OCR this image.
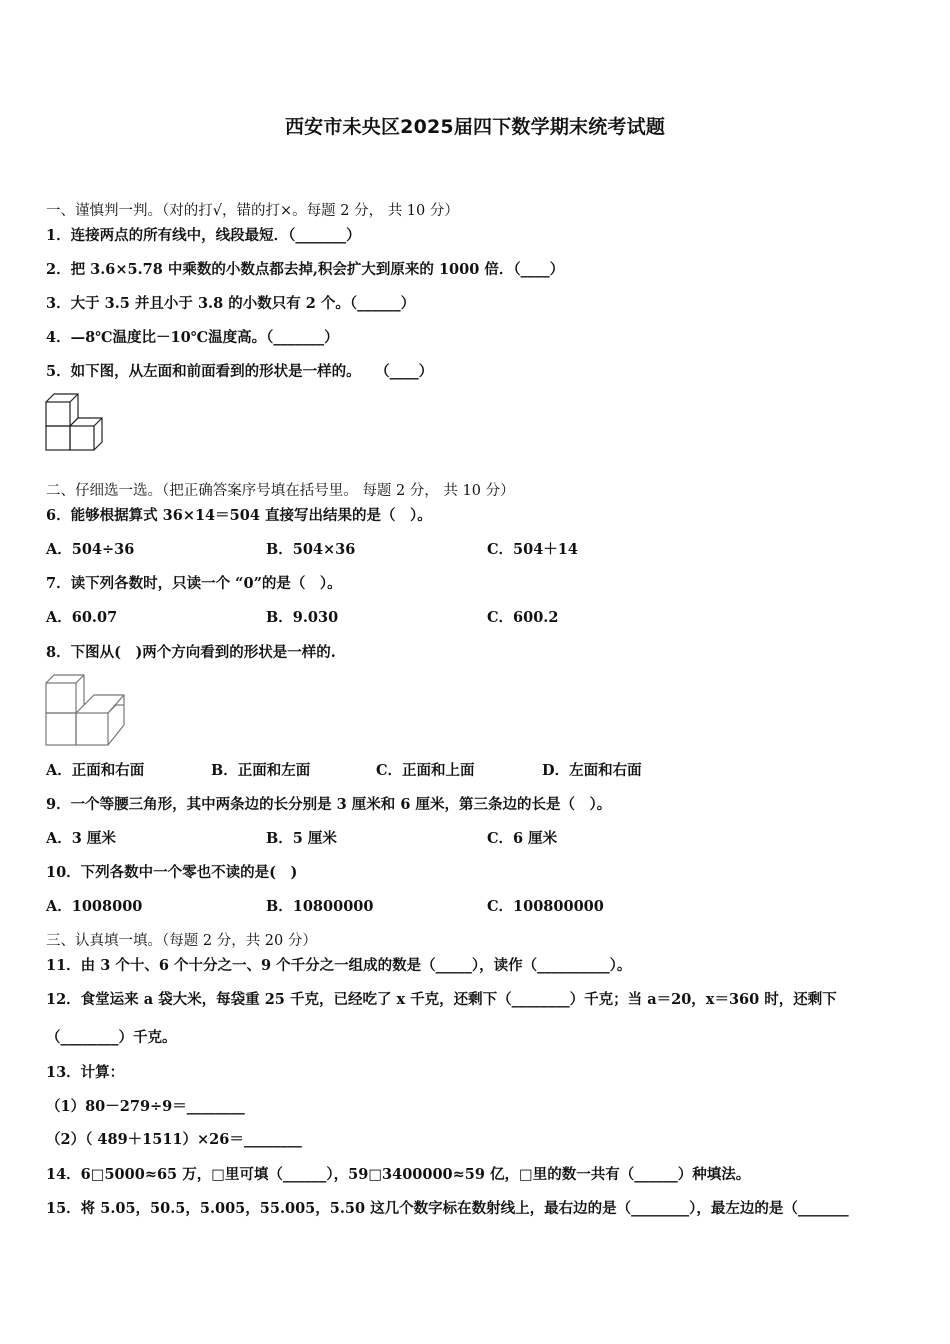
西安市未央区2025届四下数学期末统考试题
一、谨慎判一判。（对的打√，错的打×。每题 2 分， 共 10 分）
1．连接两点的所有线中，线段最短．（_______）
2．把 3.6×5.78 中乘数的小数点都去掉,积会扩大到原来的 1000 倍．（____）
3．大于 3.5 并且小于 3.8 的小数只有 2 个。（______）
4．—8℃温度比－10℃温度高。（_______）
5．如下图，从左面和前面看到的形状是一样的。　　（____）
二、仔细选一选。（把正确答案序号填在括号里。 每题 2 分， 共 10 分）
6．能够根据算式 36×14＝504 直接写出结果的是（　）。
A．504÷36	B．504×36	C．504＋14
7．读下列各数时，只读一个 “0”的是（　）。
A．60.07	B．9.030	C．600.2
8．下图从(　)两个方向看到的形状是一样的.
A．正面和右面	B．正面和左面	C．正面和上面	D．左面和右面
9．一个等腰三角形，其中两条边的长分别是 3 厘米和 6 厘米，第三条边的长是（　）。
A．3 厘米	B．5 厘米	C．6 厘米
10．下列各数中一个零也不读的是(　)
A．1008000	B．10800000	C．100800000
三、认真填一填。（每题 2 分，共 20 分）
11．由 3 个十、6 个十分之一、9 个千分之一组成的数是（_____），读作（__________）。
12．食堂运来 a 袋大米，每袋重 25 千克，已经吃了 x 千克，还剩下（________）千克；当 a＝20，x＝360 时，还剩下
（________）千克。
13．计算：
（1）80－279÷9＝________
（2）（ 489＋1511）×26＝________
14．6□5000≈65 万，□里可填（______），59□3400000≈59 亿，□里的数一共有（______）种填法。
15．将 5.05，50.5，5.005，55.005，5.50 这几个数字标在数射线上，最右边的是（________），最左边的是（_______
